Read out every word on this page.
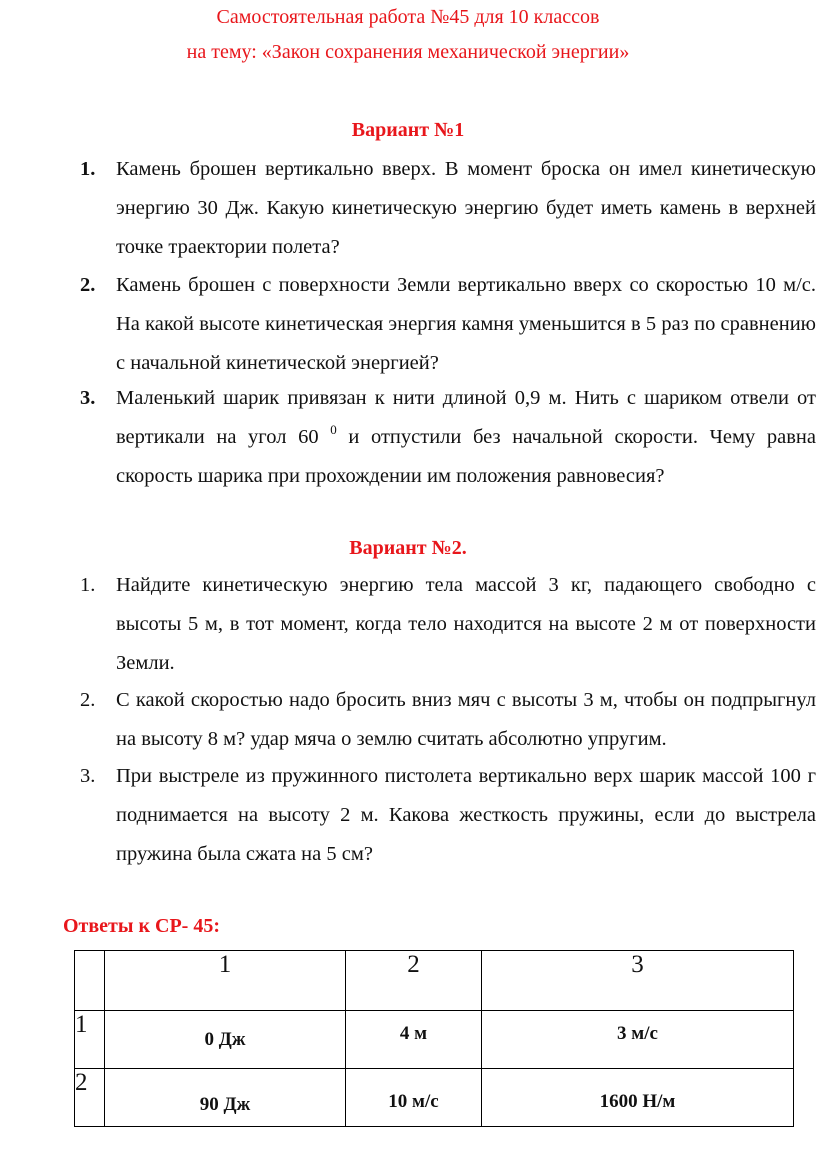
Самостоятельная работа №45 для 10 классов
на тему: «Закон сохранения механической энергии»
Вариант №1
1.	Камень брошен вертикально вверх. В момент броска он имел кинетическую энергию 30 Дж. Какую кинетическую энергию будет иметь камень в верхней точке траектории полета?
2.	Камень брошен с поверхности Земли вертикально вверх со скоростью 10 м/с. На какой высоте кинетическая энергия камня уменьшится в 5 раз по сравнению с начальной кинетической энергией?
3.	Маленький шарик привязан к нити длиной 0,9 м. Нить с шариком отвели от вертикали на угол 60 $^0$ и отпустили без начальной скорости. Чему равна скорость шарика при прохождении им положения равновесия?
Вариант №2.
1.	Найдите кинетическую энергию тела массой 3 кг, падающего свободно с высоты 5 м, в тот момент, когда тело находится на высоте 2 м от поверхности Земли.
2.	С какой скоростью надо бросить вниз мяч с высоты 3 м, чтобы он подпрыгнул на высоту 8 м? удар мяча о землю считать абсолютно упругим.
3.	При выстреле из пружинного пистолета вертикально верх шарик массой 100 г поднимается на высоту 2 м. Какова жесткость пружины, если до выстрела пружина была сжата на 5 см?
Ответы к СР- 45:
	1	2	3
1	0 Дж	4 м	3 м/с

2	90 Дж	10 м/с	1600 Н/м
